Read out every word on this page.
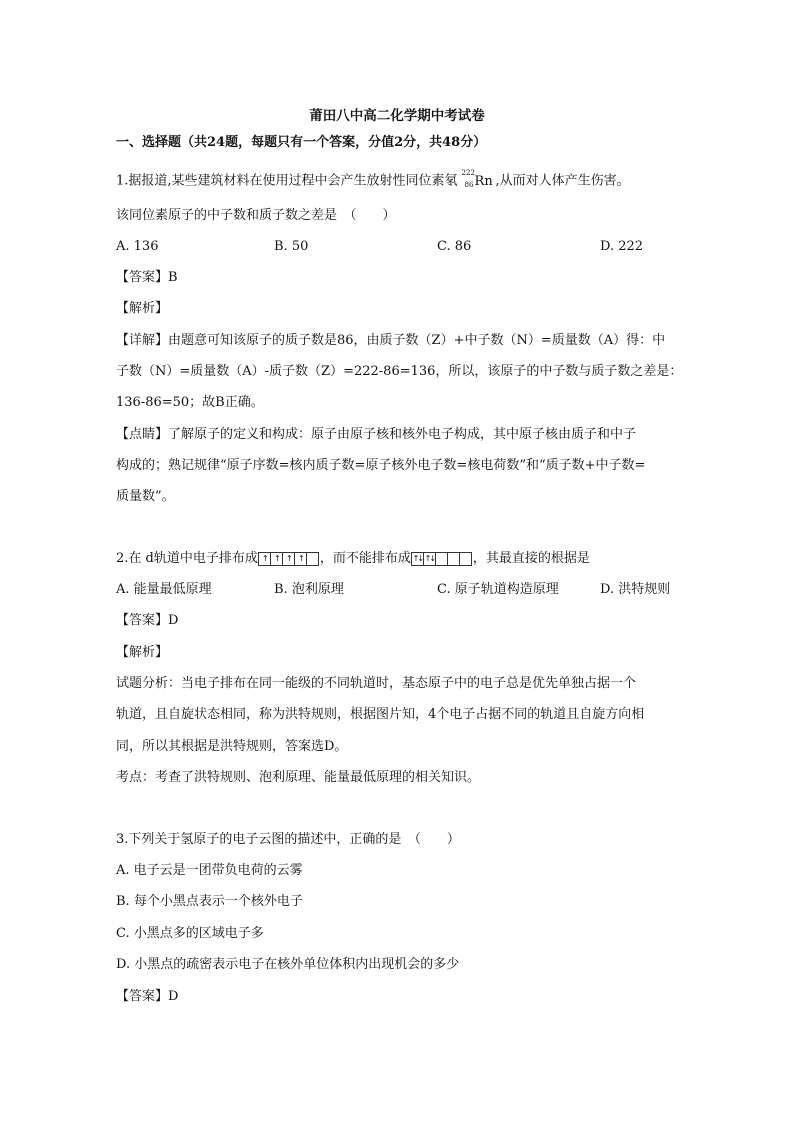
莆田八中高二化学期中考试卷
一、选择题（共24题，每题只有一个答案，分值2分，共48分）
1.据报道,某些建筑材料在使用过程中会产生放射性同位素氡
222
86 Rn ,从而对人体产生伤害。
该同位素原子的中子数和质子数之差是　（　　）
A. 136	B. 50	C. 86	D. 222
【答案】B
【解析】
【详解】由题意可知该原子的质子数是86，由质子数（Z）+中子数（N）=质量数（A）得：中
子数（N）=质量数（A）-质子数（Z）=222-86=136，所以，该原子的中子数与质子数之差是：
136-86=50；故B正确。
【点睛】了解原子的定义和构成：原子由原子核和核外电子构成，其中原子核由质子和中子
构成的；熟记规律“原子序数=核内质子数=原子核外电子数=核电荷数”和“质子数+中子数=
质量数”。
2.在 d轨道中电子排布成 ↑ ↑ ↑ ↑	，而不能排布成 ↑↓ ↑↓	，其最直接的根据是
A. 能量最低原理	B. 泡利原理	C. 原子轨道构造原理	D. 洪特规则
【答案】D
【解析】
试题分析：当电子排布在同一能级的不同轨道时，基态原子中的电子总是优先单独占据一个
轨道，且自旋状态相同，称为洪特规则，根据图片知，4个电子占据不同的轨道且自旋方向相
同，所以其根据是洪特规则，答案选D。
考点：考查了洪特规则、泡利原理、能量最低原理的相关知识。
3.下列关于氢原子的电子云图的描述中，正确的是　（　　）
A. 电子云是一团带负电荷的云雾
B. 每个小黑点表示一个核外电子
C. 小黑点多的区域电子多
D. 小黑点的疏密表示电子在核外单位体积内出现机会的多少
【答案】D
